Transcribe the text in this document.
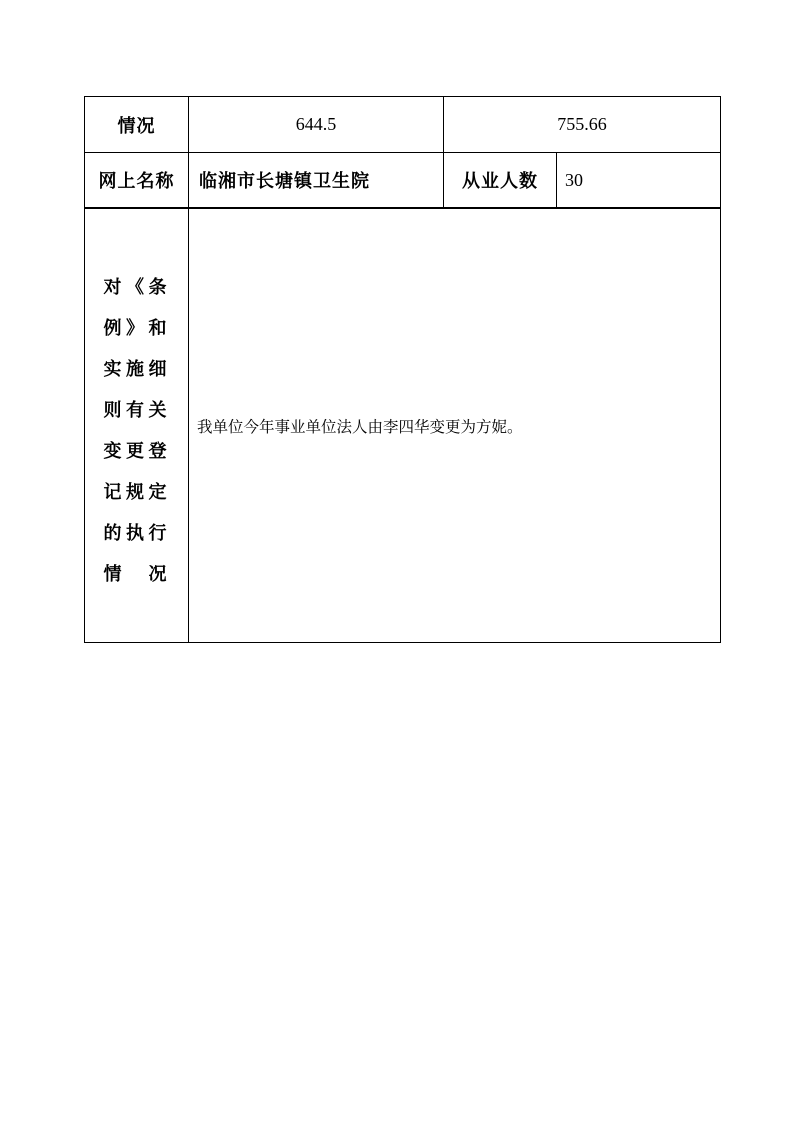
情况	644.5	755.66	
网上名称	临湘市长塘镇卫生院	从业人数	30
对《条例》和实施细则有关变更登记规定的执行情　况	我单位今年事业单位法人由李四华变更为方妮。		
